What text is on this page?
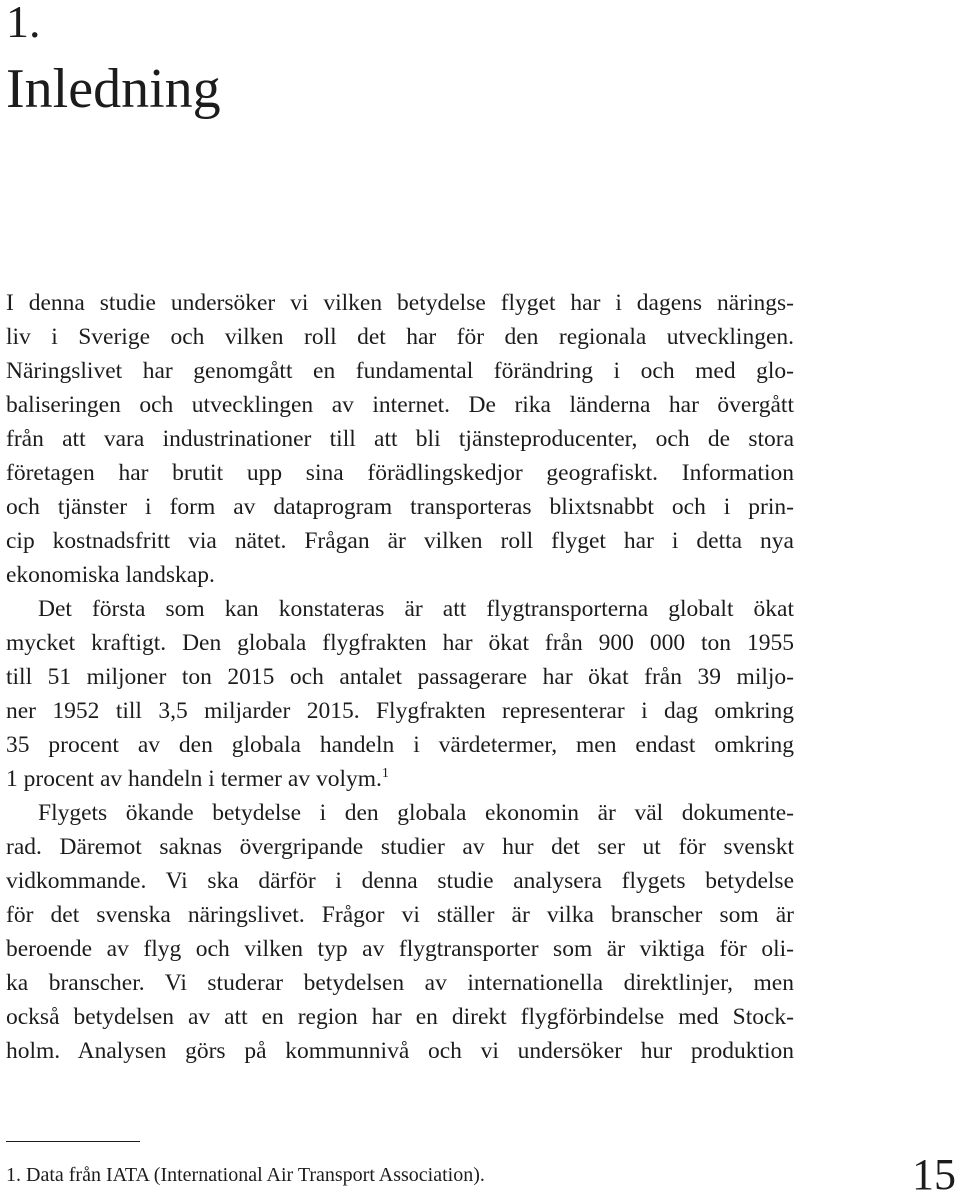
1.
Inledning
I denna studie undersöker vi vilken betydelse flyget har i dagens närings-
liv i Sverige och vilken roll det har för den regionala utvecklingen.
Näringslivet har genomgått en fundamental förändring i och med glo-
baliseringen och utvecklingen av internet. De rika länderna har övergått
från att vara industrinationer till att bli tjänsteproducenter, och de stora
företagen har brutit upp sina förädlingskedjor geografiskt. Information
och tjänster i form av dataprogram transporteras blixtsnabbt och i prin-
cip kostnadsfritt via nätet. Frågan är vilken roll flyget har i detta nya
ekonomiska landskap.
Det första som kan konstateras är att flygtransporterna globalt ökat
mycket kraftigt. Den globala flygfrakten har ökat från 900 000 ton 1955
till 51 miljoner ton 2015 och antalet passagerare har ökat från 39 miljo-
ner 1952 till 3,5 miljarder 2015. Flygfrakten representerar i dag omkring
35 procent av den globala handeln i värdetermer, men endast omkring
1 procent av handeln i termer av volym.$^1$
Flygets ökande betydelse i den globala ekonomin är väl dokumente-
rad. Däremot saknas övergripande studier av hur det ser ut för svenskt
vidkommande. Vi ska därför i denna studie analysera flygets betydelse
för det svenska näringslivet. Frågor vi ställer är vilka branscher som är
beroende av flyg och vilken typ av flygtransporter som är viktiga för oli-
ka branscher. Vi studerar betydelsen av internationella direktlinjer, men
också betydelsen av att en region har en direkt flygförbindelse med Stock-
holm. Analysen görs på kommunnivå och vi undersöker hur produktion

1. Data från IATA (International Air Transport Association).	15
